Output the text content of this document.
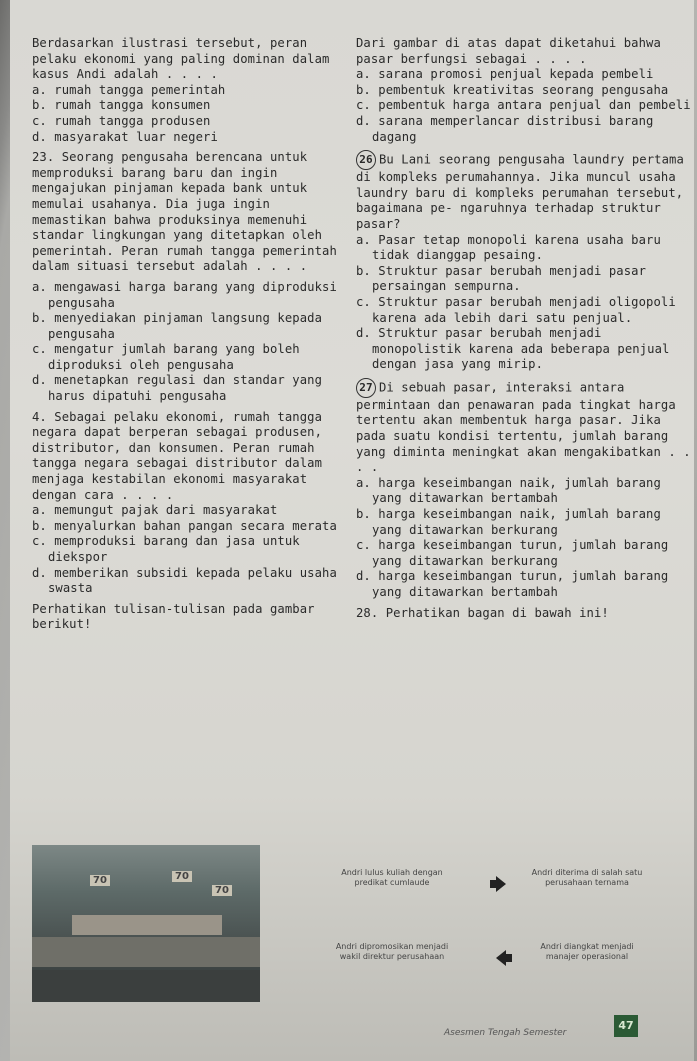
Berdasarkan ilustrasi tersebut, peran pelaku ekonomi yang paling dominan dalam kasus Andi adalah . . . .

a. rumah tangga pemerintah

b. rumah tangga konsumen

c. rumah tangga produsen

d. masyarakat luar negeri

23. Seorang pengusaha berencana untuk memproduksi barang baru dan ingin mengajukan pinjaman kepada bank untuk memulai usahanya. Dia juga ingin memastikan bahwa produksinya memenuhi standar lingkungan yang ditetapkan oleh pemerintah. Peran rumah tangga pemerintah dalam situasi tersebut adalah . . . .

a. mengawasi harga barang yang diproduksi pengusaha

b. menyediakan pinjaman langsung kepada pengusaha

c. mengatur jumlah barang yang boleh diproduksi oleh pengusaha

d. menetapkan regulasi dan standar yang harus dipatuhi pengusaha

4. Sebagai pelaku ekonomi, rumah tangga negara dapat berperan sebagai produsen, distributor, dan konsumen. Peran rumah tangga negara sebagai distributor dalam menjaga kestabilan ekonomi masyarakat dengan cara . . . .

a. memungut pajak dari masyarakat

b. menyalurkan bahan pangan secara merata

c. memproduksi barang dan jasa untuk diekspor

d. memberikan subsidi kepada pelaku usaha swasta

Perhatikan tulisan-tulisan pada gambar berikut!

Dari gambar di atas dapat diketahui bahwa pasar berfungsi sebagai . . . .

a. sarana promosi penjual kepada pembeli

b. pembentuk kreativitas seorang pengusaha

c. pembentuk harga antara penjual dan pembeli

d. sarana memperlancar distribusi barang dagang

26 Bu Lani seorang pengusaha laundry pertama di kompleks perumahannya. Jika muncul usaha laundry baru di kompleks perumahan tersebut, bagaimana pe- ngaruhnya terhadap struktur pasar?

a. Pasar tetap monopoli karena usaha baru tidak dianggap pesaing.

b. Struktur pasar berubah menjadi pasar persaingan sempurna.

c. Struktur pasar berubah menjadi oligopoli karena ada lebih dari satu penjual.

d. Struktur pasar berubah menjadi monopolistik karena ada beberapa penjual dengan jasa yang mirip.

27 Di sebuah pasar, interaksi antara permintaan dan penawaran pada tingkat harga tertentu akan membentuk harga pasar. Jika pada suatu kondisi tertentu, jumlah barang yang diminta meningkat akan mengakibatkan . . . .

a. harga keseimbangan naik, jumlah barang yang ditawarkan bertambah

b. harga keseimbangan naik, jumlah barang yang ditawarkan berkurang

c. harga keseimbangan turun, jumlah barang yang ditawarkan berkurang

d. harga keseimbangan turun, jumlah barang yang ditawarkan bertambah

28. Perhatikan bagan di bawah ini!

70	70
70
Andri lulus kuliah dengan predikat cumlaude
Andri diterima di salah satu perusahaan ternama
Andri dipromosikan menjadi wakil direktur perusahaan
Andri diangkat menjadi manajer operasional
Asesmen Tengah Semester
47
